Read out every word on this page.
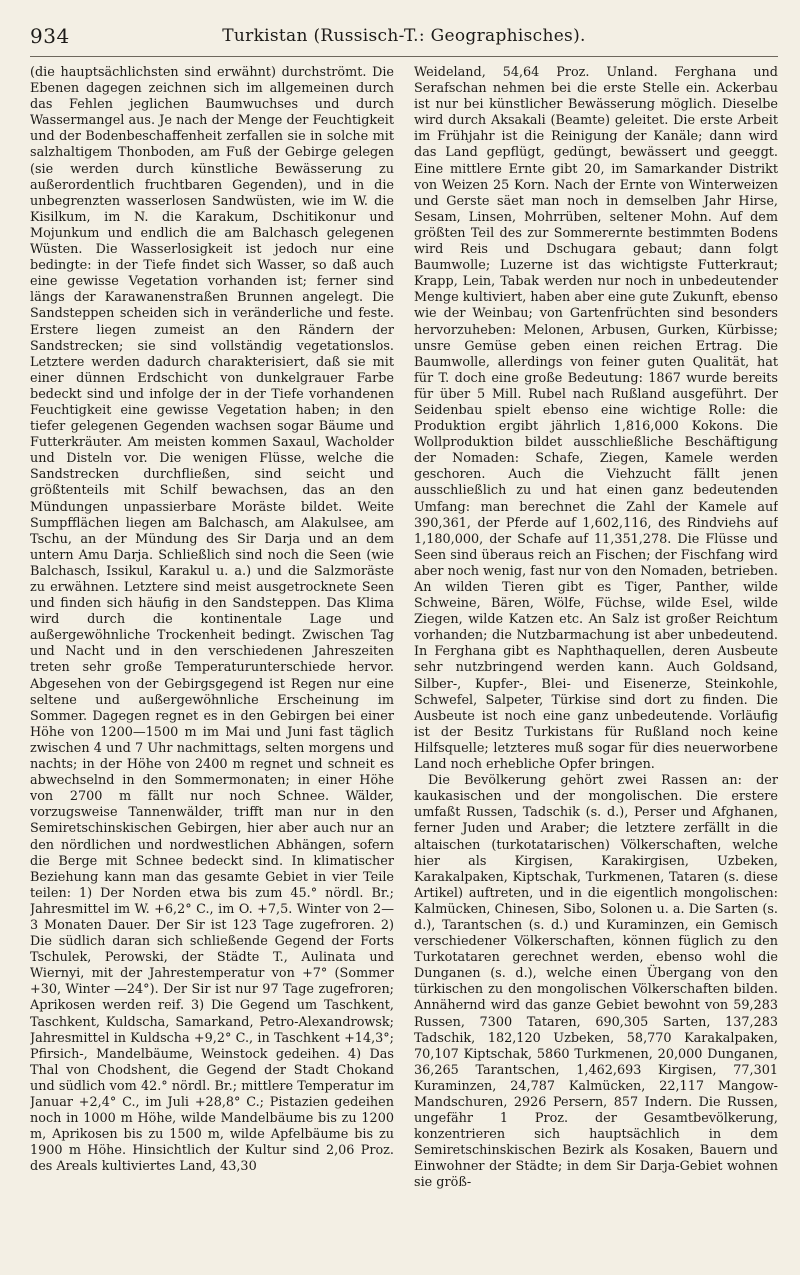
934	Turkistan (Russisch-T.: Geographisches).

(die hauptsächlichsten sind erwähnt) durchströmt. Die Ebenen dagegen zeichnen sich im allgemeinen durch das Fehlen jeglichen Baumwuchses und durch Wassermangel aus. Je nach der Menge der Feuchtigkeit und der Bodenbeschaffenheit zerfallen sie in solche mit salzhaltigem Thonboden, am Fuß der Gebirge gelegen (sie werden durch künstliche Bewässerung zu außerordentlich fruchtbaren Gegenden), und in die unbegrenzten wasserlosen Sandwüsten, wie im W. die Kisilkum, im N. die Karakum, Dschitikonur und Mojunkum und endlich die am Balchasch gelegenen Wüsten. Die Wasserlosigkeit ist jedoch nur eine bedingte: in der Tiefe findet sich Wasser, so daß auch eine gewisse Vegetation vorhanden ist; ferner sind längs der Karawanenstraßen Brunnen angelegt. Die Sandsteppen scheiden sich in veränderliche und feste. Erstere liegen zumeist an den Rändern der Sandstrecken; sie sind vollständig vegetationslos. Letztere werden dadurch charakterisiert, daß sie mit einer dünnen Erdschicht von dunkelgrauer Farbe bedeckt sind und infolge der in der Tiefe vorhandenen Feuchtigkeit eine gewisse Vegetation haben; in den tiefer gelegenen Gegenden wachsen sogar Bäume und Futterkräuter. Am meisten kommen Saxaul, Wacholder und Disteln vor. Die wenigen Flüsse, welche die Sandstrecken durchfließen, sind seicht und größtenteils mit Schilf bewachsen, das an den Mündungen unpassierbare Moräste bildet. Weite Sumpfflächen liegen am Balchasch, am Alakulsee, am Tschu, an der Mündung des Sir Darja und an dem untern Amu Darja. Schließlich sind noch die Seen (wie Balchasch, Issikul, Karakul u. a.) und die Salzmoräste zu erwähnen. Letztere sind meist ausgetrocknete Seen und finden sich häufig in den Sandsteppen. Das Klima wird durch die kontinentale Lage und außergewöhnliche Trockenheit bedingt. Zwischen Tag und Nacht und in den verschiedenen Jahreszeiten treten sehr große Temperaturunterschiede hervor. Abgesehen von der Gebirgsgegend ist Regen nur eine seltene und außergewöhnliche Erscheinung im Sommer. Dagegen regnet es in den Gebirgen bei einer Höhe von 1200—1500 m im Mai und Juni fast täglich zwischen 4 und 7 Uhr nachmittags, selten morgens und nachts; in der Höhe von 2400 m regnet und schneit es abwechselnd in den Sommermonaten; in einer Höhe von 2700 m fällt nur noch Schnee. Wälder, vorzugsweise Tannenwälder, trifft man nur in den Semiretschinskischen Gebirgen, hier aber auch nur an den nördlichen und nordwestlichen Abhängen, sofern die Berge mit Schnee bedeckt sind. In klimatischer Beziehung kann man das gesamte Gebiet in vier Teile teilen: 1) Der Norden etwa bis zum 45.° nördl. Br.; Jahresmittel im W. +6,2° C., im O. +7,5. Winter von 2—3 Monaten Dauer. Der Sir ist 123 Tage zugefroren. 2) Die südlich daran sich schließende Gegend der Forts Tschulek, Perowski, der Städte T., Aulinata und Wiernyi, mit der Jahrestemperatur von +7° (Sommer +30, Winter —24°). Der Sir ist nur 97 Tage zugefroren; Aprikosen werden reif. 3) Die Gegend um Taschkent, Taschkent, Kuldscha, Samarkand, Petro-Alexandrowsk; Jahresmittel in Kuldscha +9,2° C., in Taschkent +14,3°; Pfirsich-, Mandelbäume, Weinstock gedeihen. 4) Das Thal von Chodshent, die Gegend der Stadt Chokand und südlich vom 42.° nördl. Br.; mittlere Temperatur im Januar +2,4° C., im Juli +28,8° C.; Pistazien gedeihen noch in 1000 m Höhe, wilde Mandelbäume bis zu 1200 m, Aprikosen bis zu 1500 m, wilde Apfelbäume bis zu 1900 m Höhe. Hinsichtlich der Kultur sind 2,06 Proz. des Areals kultiviertes Land, 43,30

Weideland, 54,64 Proz. Unland. Ferghana und Serafschan nehmen bei die erste Stelle ein. Ackerbau ist nur bei künstlicher Bewässerung möglich. Dieselbe wird durch Aksakali (Beamte) geleitet. Die erste Arbeit im Frühjahr ist die Reinigung der Kanäle; dann wird das Land gepflügt, gedüngt, bewässert und geeggt. Eine mittlere Ernte gibt 20, im Samarkander Distrikt von Weizen 25 Korn. Nach der Ernte von Winterweizen und Gerste säet man noch in demselben Jahr Hirse, Sesam, Linsen, Mohrrüben, seltener Mohn. Auf dem größten Teil des zur Sommerernte bestimmten Bodens wird Reis und Dschugara gebaut; dann folgt Baumwolle; Luzerne ist das wichtigste Futterkraut; Krapp, Lein, Tabak werden nur noch in unbedeutender Menge kultiviert, haben aber eine gute Zukunft, ebenso wie der Weinbau; von Gartenfrüchten sind besonders hervorzuheben: Melonen, Arbusen, Gurken, Kürbisse; unsre Gemüse geben einen reichen Ertrag. Die Baumwolle, allerdings von feiner guten Qualität, hat für T. doch eine große Bedeutung: 1867 wurde bereits für über 5 Mill. Rubel nach Rußland ausgeführt. Der Seidenbau spielt ebenso eine wichtige Rolle: die Produktion ergibt jährlich 1,816,000 Kokons. Die Wollproduktion bildet ausschließliche Beschäftigung der Nomaden: Schafe, Ziegen, Kamele werden geschoren. Auch die Viehzucht fällt jenen ausschließlich zu und hat einen ganz bedeutenden Umfang: man berechnet die Zahl der Kamele auf 390,361, der Pferde auf 1,602,116, des Rindviehs auf 1,180,000, der Schafe auf 11,351,278. Die Flüsse und Seen sind überaus reich an Fischen; der Fischfang wird aber noch wenig, fast nur von den Nomaden, betrieben. An wilden Tieren gibt es Tiger, Panther, wilde Schweine, Bären, Wölfe, Füchse, wilde Esel, wilde Ziegen, wilde Katzen etc. An Salz ist großer Reichtum vorhanden; die Nutzbarmachung ist aber unbedeutend. In Ferghana gibt es Naphthaquellen, deren Ausbeute sehr nutzbringend werden kann. Auch Goldsand, Silber-, Kupfer-, Blei- und Eisenerze, Steinkohle, Schwefel, Salpeter, Türkise sind dort zu finden. Die Ausbeute ist noch eine ganz unbedeutende. Vorläufig ist der Besitz Turkistans für Rußland noch keine Hilfsquelle; letzteres muß sogar für dies neuerworbene Land noch erhebliche Opfer bringen.

Die Bevölkerung gehört zwei Rassen an: der kaukasischen und der mongolischen. Die erstere umfaßt Russen, Tadschik (s. d.), Perser und Afghanen, ferner Juden und Araber; die letztere zerfällt in die altaischen (turkotatarischen) Völkerschaften, welche hier als Kirgisen, Karakirgisen, Uzbeken, Karakalpaken, Kiptschak, Turkmenen, Tataren (s. diese Artikel) auftreten, und in die eigentlich mongolischen: Kalmücken, Chinesen, Sibo, Solonen u. a. Die Sarten (s. d.), Tarantschen (s. d.) und Kuraminzen, ein Gemisch verschiedener Völkerschaften, können füglich zu den Turkotataren gerechnet werden, ebenso wohl die Dunganen (s. d.), welche einen Übergang von den türkischen zu den mongolischen Völkerschaften bilden. Annähernd wird das ganze Gebiet bewohnt von 59,283 Russen, 7300 Tataren, 690,305 Sarten, 137,283 Tadschik, 182,120 Uzbeken, 58,770 Karakalpaken, 70,107 Kiptschak, 5860 Turkmenen, 20,000 Dunganen, 36,265 Tarantschen, 1,462,693 Kirgisen, 77,301 Kuraminzen, 24,787 Kalmücken, 22,117 Mangow-Mandschuren, 2926 Persern, 857 Indern. Die Russen, ungefähr 1 Proz. der Gesamtbevölkerung, konzentrieren sich hauptsächlich in dem Semiretschinskischen Bezirk als Kosaken, Bauern und Einwohner der Städte; in dem Sir Darja-Gebiet wohnen sie größ-
